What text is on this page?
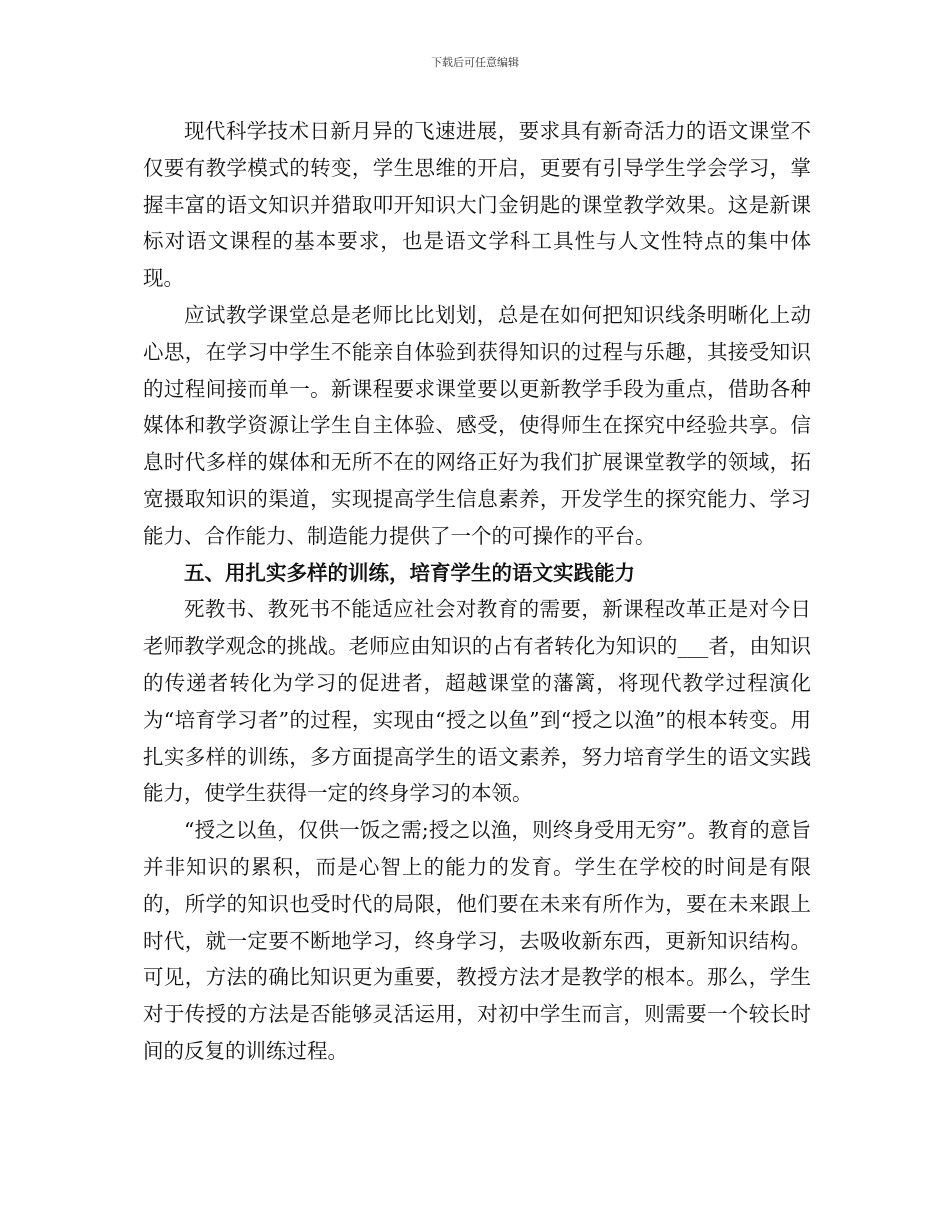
下载后可任意编辑

现代科学技术日新月异的飞速进展，要求具有新奇活力的语文课堂不仅要有教学模式的转变，学生思维的开启，更要有引导学生学会学习，掌握丰富的语文知识并猎取叩开知识大门金钥匙的课堂教学效果。这是新课标对语文课程的基本要求，也是语文学科工具性与人文性特点的集中体现。

应试教学课堂总是老师比比划划，总是在如何把知识线条明晰化上动心思，在学习中学生不能亲自体验到获得知识的过程与乐趣，其接受知识的过程间接而单一。新课程要求课堂要以更新教学手段为重点，借助各种媒体和教学资源让学生自主体验、感受，使得师生在探究中经验共享。信息时代多样的媒体和无所不在的网络正好为我们扩展课堂教学的领域，拓宽摄取知识的渠道，实现提高学生信息素养，开发学生的探究能力、学习能力、合作能力、制造能力提供了一个的可操作的平台。

五、用扎实多样的训练，培育学生的语文实践能力

死教书、教死书不能适应社会对教育的需要，新课程改革正是对今日老师教学观念的挑战。老师应由知识的占有者转化为知识的___者，由知识的传递者转化为学习的促进者，超越课堂的藩篱，将现代教学过程演化为“培育学习者”的过程，实现由“授之以鱼”到“授之以渔”的根本转变。用扎实多样的训练，多方面提高学生的语文素养，努力培育学生的语文实践能力，使学生获得一定的终身学习的本领。

“授之以鱼，仅供一饭之需;授之以渔，则终身受用无穷”。教育的意旨并非知识的累积，而是心智上的能力的发育。学生在学校的时间是有限的，所学的知识也受时代的局限，他们要在未来有所作为，要在未来跟上时代，就一定要不断地学习，终身学习，去吸收新东西，更新知识结构。可见，方法的确比知识更为重要，教授方法才是教学的根本。那么，学生对于传授的方法是否能够灵活运用，对初中学生而言，则需要一个较长时间的反复的训练过程。
